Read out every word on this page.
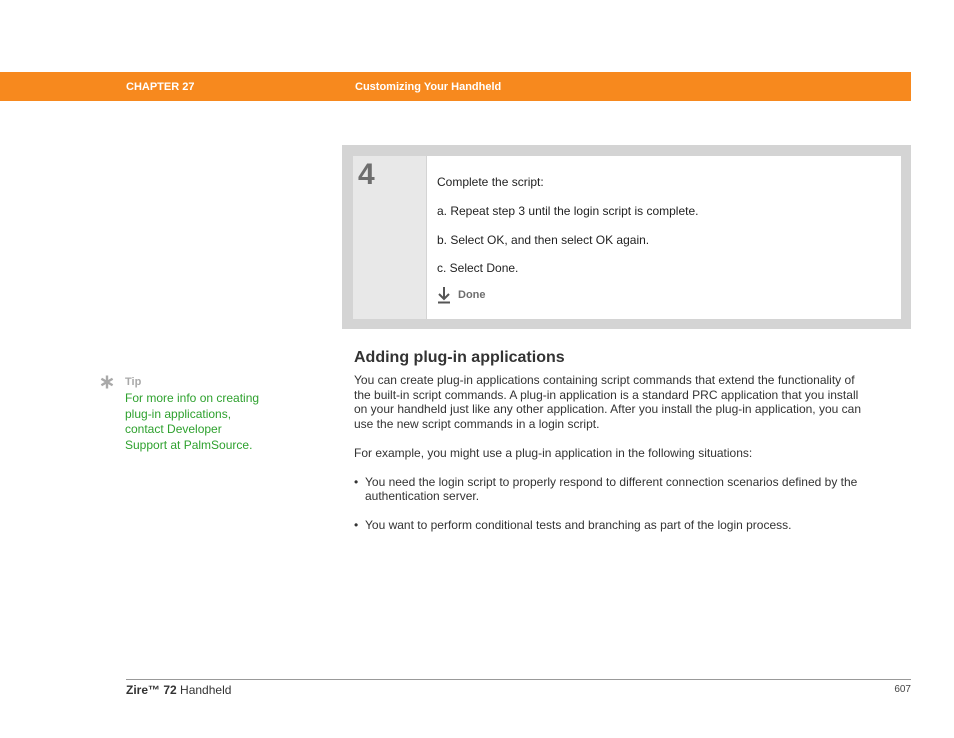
CHAPTER 27	Customizing Your Handheld
4	Complete the script:
a. Repeat step 3 until the login script is complete.
b. Select OK, and then select OK again.
c. Select Done.
Done
Tip
For more info on creating
plug-in applications,
contact Developer
Support at PalmSource.
Adding plug-in applications
You can create plug-in applications containing script commands that extend the functionality of
the built-in script commands. A plug-in application is a standard PRC application that you install
on your handheld just like any other application. After you install the plug-in application, you can
use the new script commands in a login script.
For example, you might use a plug-in application in the following situations:
• You need the login script to properly respond to different connection scenarios defined by the
authentication server.
• You want to perform conditional tests and branching as part of the login process.
Zire™ 72 Handheld	607
